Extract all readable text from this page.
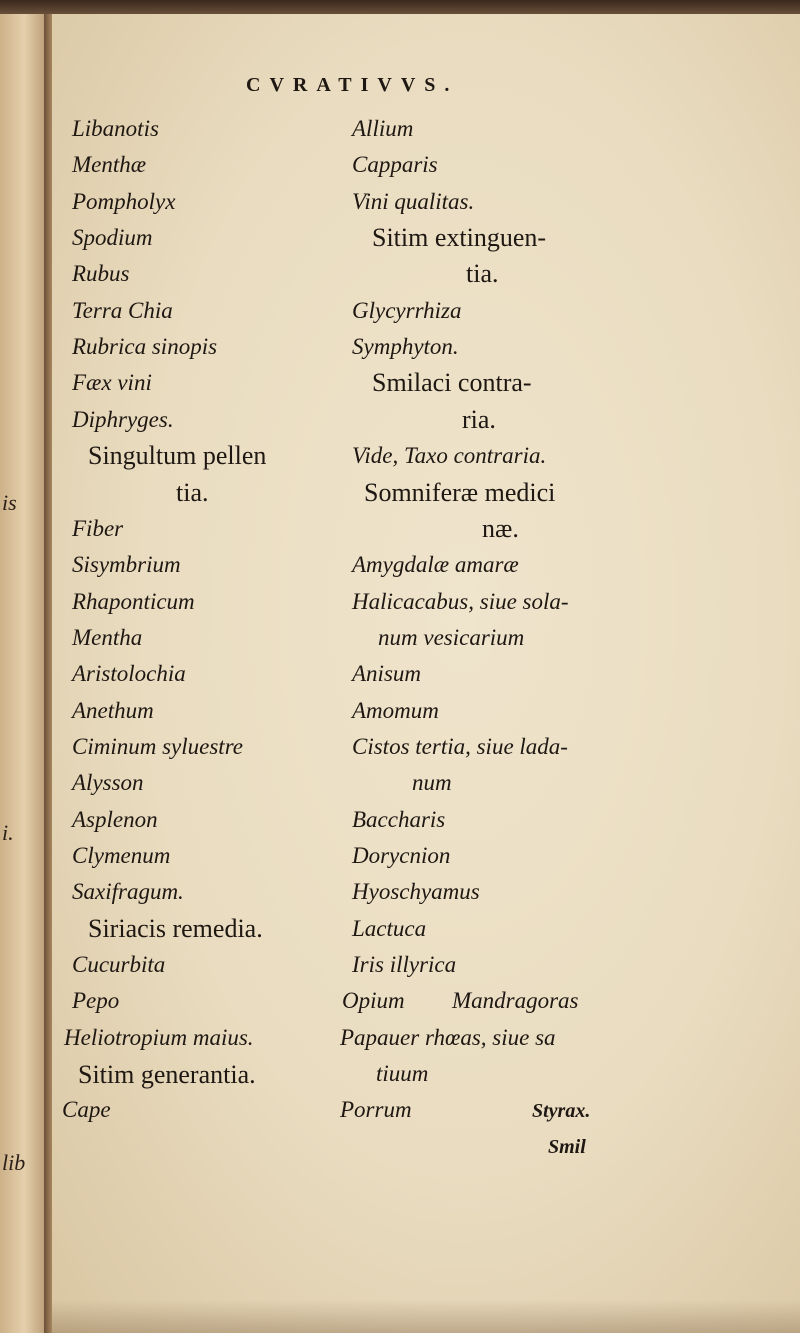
is
i.
lib
CVRATIVVS.
Libanotis
Menthæ
Pompholyx
Spodium
Rubus
Terra Chia
Rubrica sinopis
Fæx vini
Diphryges.
Singultum pellen
tia.
Fiber
Sisymbrium
Rhaponticum
Mentha
Aristolochia
Anethum
Ciminum syluestre
Alysson
Asplenon
Clymenum
Saxifragum.
Siriacis remedia.
Cucurbita
Pepo
Heliotropium maius.
Sitim generantia.
Cape
Allium
Capparis
Vini qualitas.
Sitim extinguen-
tia.
Glycyrrhiza
Symphyton.
Smilaci contra-
ria.
Vide, Taxo contraria.
Somniferæ medici
næ.
Amygdalæ amaræ
Halicacabus, siue sola-
num vesicarium
Anisum
Amomum
Cistos tertia, siue lada-
num
Baccharis
Dorycnion
Hyoschyamus
Lactuca
Iris illyrica
Opium Mandragoras
Papauer rhœas, siue sa
tiuum
Porrum	Styrax.
Smil
